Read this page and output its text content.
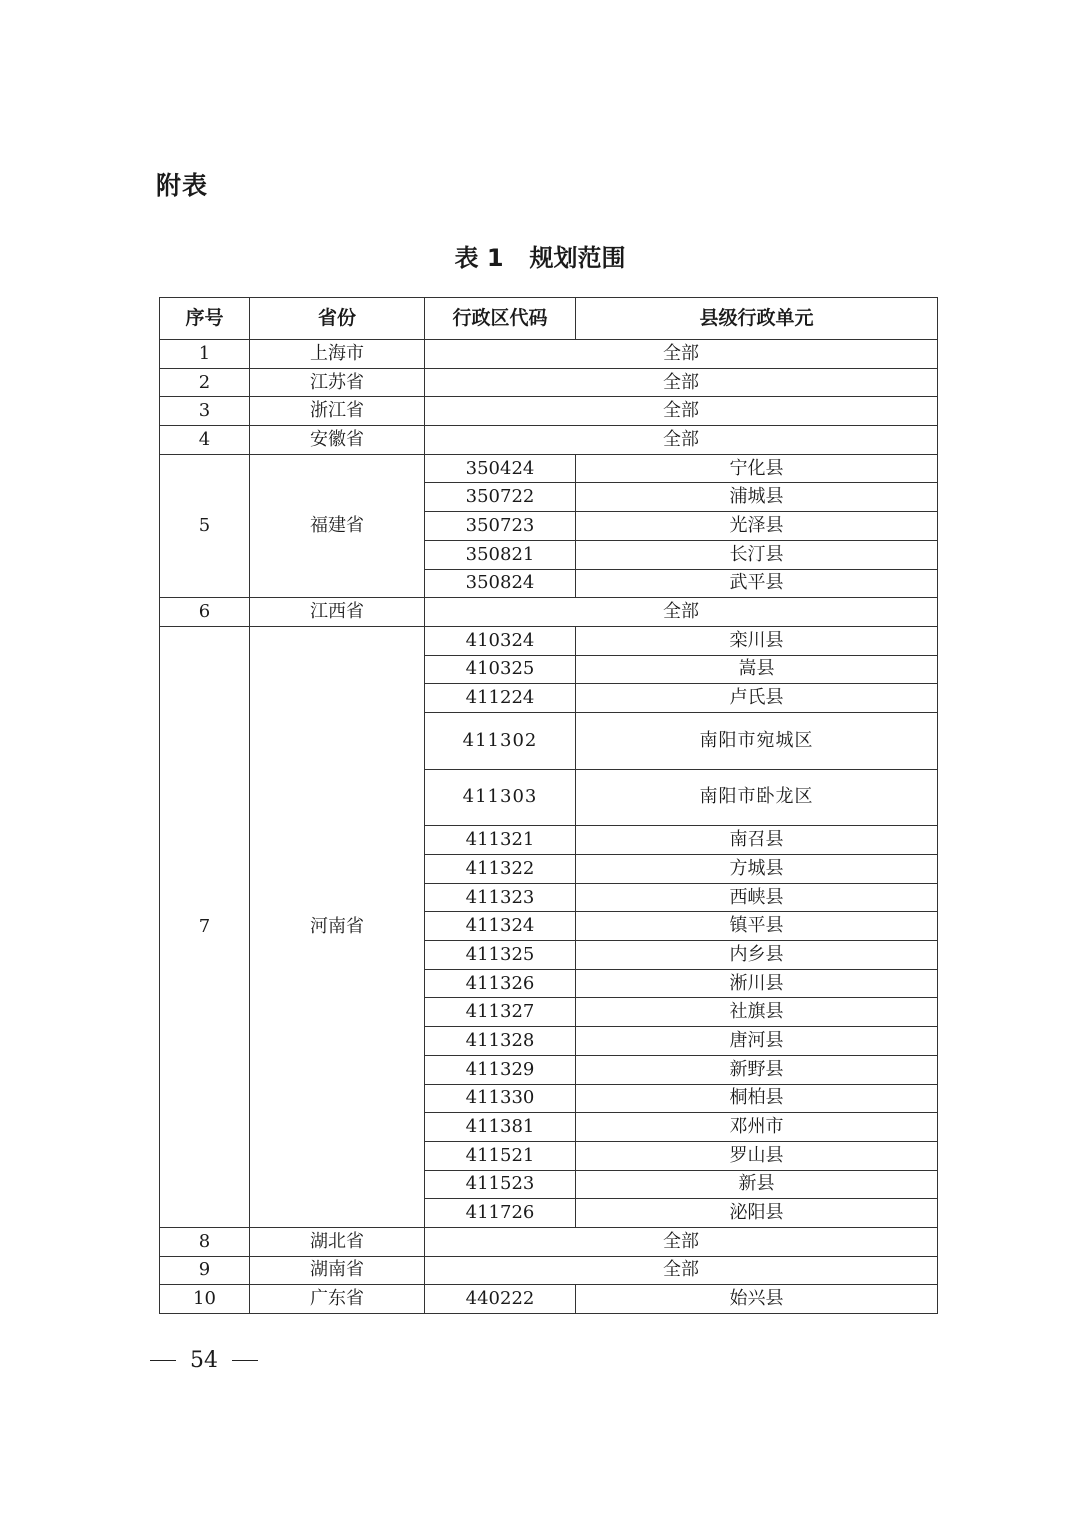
附表
表 1 规划范围
序号	省份	行政区代码	县级行政单元
1	上海市	全部	
2	江苏省	全部	
3	浙江省	全部	
4	安徽省	全部	
5	福建省	350424	宁化县
		350722	浦城县
		350723	光泽县
		350821	长汀县
		350824	武平县
6	江西省	全部	
7	河南省	410324	栾川县
		410325	嵩县
		411224	卢氏县
		411302	南阳市宛城区
		411303	南阳市卧龙区
		411321	南召县
		411322	方城县
		411323	西峡县
		411324	镇平县
		411325	内乡县
		411326	淅川县
		411327	社旗县
		411328	唐河县
		411329	新野县
		411330	桐柏县
		411381	邓州市
		411521	罗山县
		411523	新县
		411726	泌阳县
8	湖北省	全部	
9	湖南省	全部	
10	广东省	440222	始兴县
54
